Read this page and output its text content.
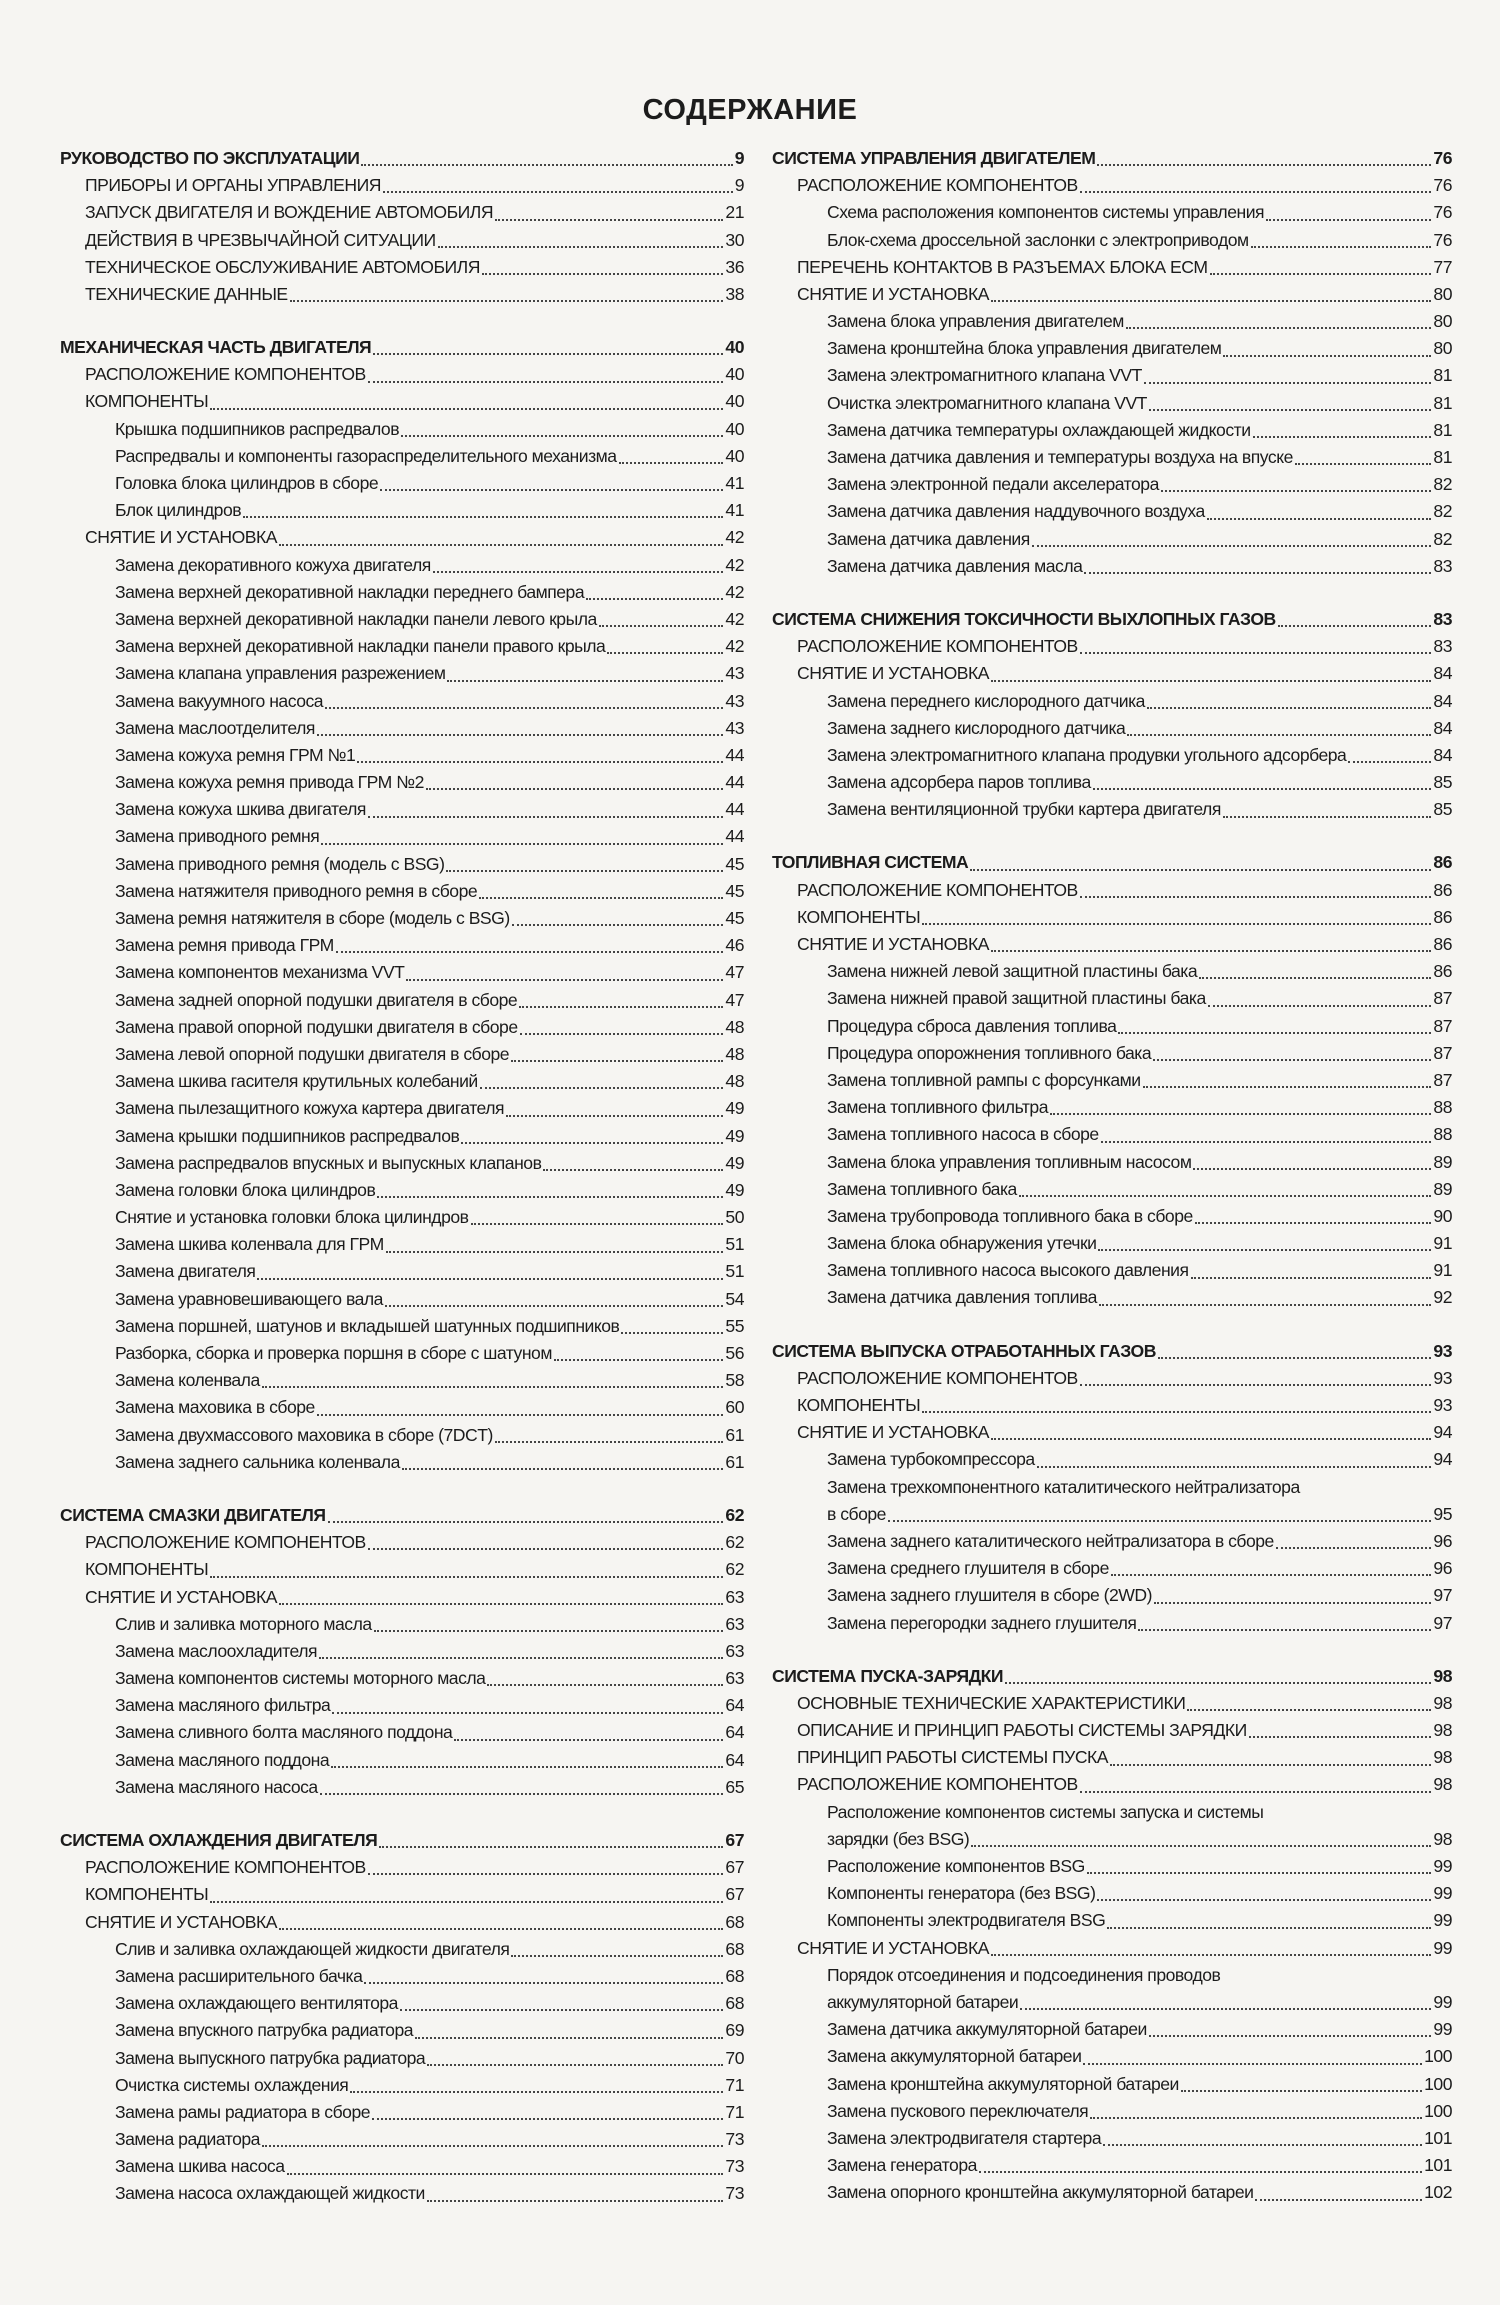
СОДЕРЖАНИЕ
РУКОВОДСТВО ПО ЭКСПЛУАТАЦИИ	9
ПРИБОРЫ И ОРГАНЫ УПРАВЛЕНИЯ	9
ЗАПУСК ДВИГАТЕЛЯ И ВОЖДЕНИЕ АВТОМОБИЛЯ	21
ДЕЙСТВИЯ В ЧРЕЗВЫЧАЙНОЙ СИТУАЦИИ	30
ТЕХНИЧЕСКОЕ ОБСЛУЖИВАНИЕ АВТОМОБИЛЯ	36
ТЕХНИЧЕСКИЕ ДАННЫЕ	38
МЕХАНИЧЕСКАЯ ЧАСТЬ ДВИГАТЕЛЯ	40
РАСПОЛОЖЕНИЕ КОМПОНЕНТОВ	40
КОМПОНЕНТЫ	40
Крышка подшипников распредвалов	40
Распредвалы и компоненты газораспределительного механизма	40
Головка блока цилиндров в сборе	41
Блок цилиндров	41
СНЯТИЕ И УСТАНОВКА	42
Замена декоративного кожуха двигателя	42
Замена верхней декоративной накладки переднего бампера	42
Замена верхней декоративной накладки панели левого крыла	42
Замена верхней декоративной накладки панели правого крыла	42
Замена клапана управления разрежением	43
Замена вакуумного насоса	43
Замена маслоотделителя	43
Замена кожуха ремня ГРМ №1	44
Замена кожуха ремня привода ГРМ №2	44
Замена кожуха шкива двигателя	44
Замена приводного ремня	44
Замена приводного ремня (модель с BSG)	45
Замена натяжителя приводного ремня в сборе	45
Замена ремня натяжителя в сборе (модель с BSG)	45
Замена ремня привода ГРМ	46
Замена компонентов механизма VVT	47
Замена задней опорной подушки двигателя в сборе	47
Замена правой опорной подушки двигателя в сборе	48
Замена левой опорной подушки двигателя в сборе	48
Замена шкива гасителя крутильных колебаний	48
Замена пылезащитного кожуха картера двигателя	49
Замена крышки подшипников распредвалов	49
Замена распредвалов впускных и выпускных клапанов	49
Замена головки блока цилиндров	49
Снятие и установка головки блока цилиндров	50
Замена шкива коленвала для ГРМ	51
Замена двигателя	51
Замена уравновешивающего вала	54
Замена поршней, шатунов и вкладышей шатунных подшипников	55
Разборка, сборка и проверка поршня в сборе с шатуном	56
Замена коленвала	58
Замена маховика в сборе	60
Замена двухмассового маховика в сборе (7DCT)	61
Замена заднего сальника коленвала	61
СИСТЕМА СМАЗКИ ДВИГАТЕЛЯ	62
РАСПОЛОЖЕНИЕ КОМПОНЕНТОВ	62
КОМПОНЕНТЫ	62
СНЯТИЕ И УСТАНОВКА	63
Слив и заливка моторного масла	63
Замена маслоохладителя	63
Замена компонентов системы моторного масла	63
Замена масляного фильтра	64
Замена сливного болта масляного поддона	64
Замена масляного поддона	64
Замена масляного насоса	65
СИСТЕМА ОХЛАЖДЕНИЯ ДВИГАТЕЛЯ	67
РАСПОЛОЖЕНИЕ КОМПОНЕНТОВ	67
КОМПОНЕНТЫ	67
СНЯТИЕ И УСТАНОВКА	68
Слив и заливка охлаждающей жидкости двигателя	68
Замена расширительного бачка	68
Замена охлаждающего вентилятора	68
Замена впускного патрубка радиатора	69
Замена выпускного патрубка радиатора	70
Очистка системы охлаждения	71
Замена рамы радиатора в сборе	71
Замена радиатора	73
Замена шкива насоса	73
Замена насоса охлаждающей жидкости	73
СИСТЕМА УПРАВЛЕНИЯ ДВИГАТЕЛЕМ	76
РАСПОЛОЖЕНИЕ КОМПОНЕНТОВ	76
Схема расположения компонентов системы управления	76
Блок-схема дроссельной заслонки с электроприводом	76
ПЕРЕЧЕНЬ КОНТАКТОВ В РАЗЪЕМАХ БЛОКА ECM	77
СНЯТИЕ И УСТАНОВКА	80
Замена блока управления двигателем	80
Замена кронштейна блока управления двигателем	80
Замена электромагнитного клапана VVT	81
Очистка электромагнитного клапана VVT	81
Замена датчика температуры охлаждающей жидкости	81
Замена датчика давления и температуры воздуха на впуске	81
Замена электронной педали акселератора	82
Замена датчика давления наддувочного воздуха	82
Замена датчика давления	82
Замена датчика давления масла	83
СИСТЕМА СНИЖЕНИЯ ТОКСИЧНОСТИ ВЫХЛОПНЫХ ГАЗОВ	83
РАСПОЛОЖЕНИЕ КОМПОНЕНТОВ	83
СНЯТИЕ И УСТАНОВКА	84
Замена переднего кислородного датчика	84
Замена заднего кислородного датчика	84
Замена электромагнитного клапана продувки угольного адсорбера	84
Замена адсорбера паров топлива	85
Замена вентиляционной трубки картера двигателя	85
ТОПЛИВНАЯ СИСТЕМА	86
РАСПОЛОЖЕНИЕ КОМПОНЕНТОВ	86
КОМПОНЕНТЫ	86
СНЯТИЕ И УСТАНОВКА	86
Замена нижней левой защитной пластины бака	86
Замена нижней правой защитной пластины бака	87
Процедура сброса давления топлива	87
Процедура опорожнения топливного бака	87
Замена топливной рампы с форсунками	87
Замена топливного фильтра	88
Замена топливного насоса в сборе	88
Замена блока управления топливным насосом	89
Замена топливного бака	89
Замена трубопровода топливного бака в сборе	90
Замена блока обнаружения утечки	91
Замена топливного насоса высокого давления	91
Замена датчика давления топлива	92
СИСТЕМА ВЫПУСКА ОТРАБОТАННЫХ ГАЗОВ	93
РАСПОЛОЖЕНИЕ КОМПОНЕНТОВ	93
КОМПОНЕНТЫ	93
СНЯТИЕ И УСТАНОВКА	94
Замена турбокомпрессора	94
Замена трехкомпонентного каталитического нейтрализатора
в сборе	95
Замена заднего каталитического нейтрализатора в сборе	96
Замена среднего глушителя в сборе	96
Замена заднего глушителя в сборе (2WD)	97
Замена перегородки заднего глушителя	97
СИСТЕМА ПУСКА-ЗАРЯДКИ	98
ОСНОВНЫЕ ТЕХНИЧЕСКИЕ ХАРАКТЕРИСТИКИ	98
ОПИСАНИЕ И ПРИНЦИП РАБОТЫ СИСТЕМЫ ЗАРЯДКИ	98
ПРИНЦИП РАБОТЫ СИСТЕМЫ ПУСКА	98
РАСПОЛОЖЕНИЕ КОМПОНЕНТОВ	98
Расположение компонентов системы запуска и системы
зарядки (без BSG)	98
Расположение компонентов BSG	99
Компоненты генератора (без BSG)	99
Компоненты электродвигателя BSG	99
СНЯТИЕ И УСТАНОВКА	99
Порядок отсоединения и подсоединения проводов
аккумуляторной батареи	99
Замена датчика аккумуляторной батареи	99
Замена аккумуляторной батареи	100
Замена кронштейна аккумуляторной батареи	100
Замена пускового переключателя	100
Замена электродвигателя стартера	101
Замена генератора	101
Замена опорного кронштейна аккумуляторной батареи	102
